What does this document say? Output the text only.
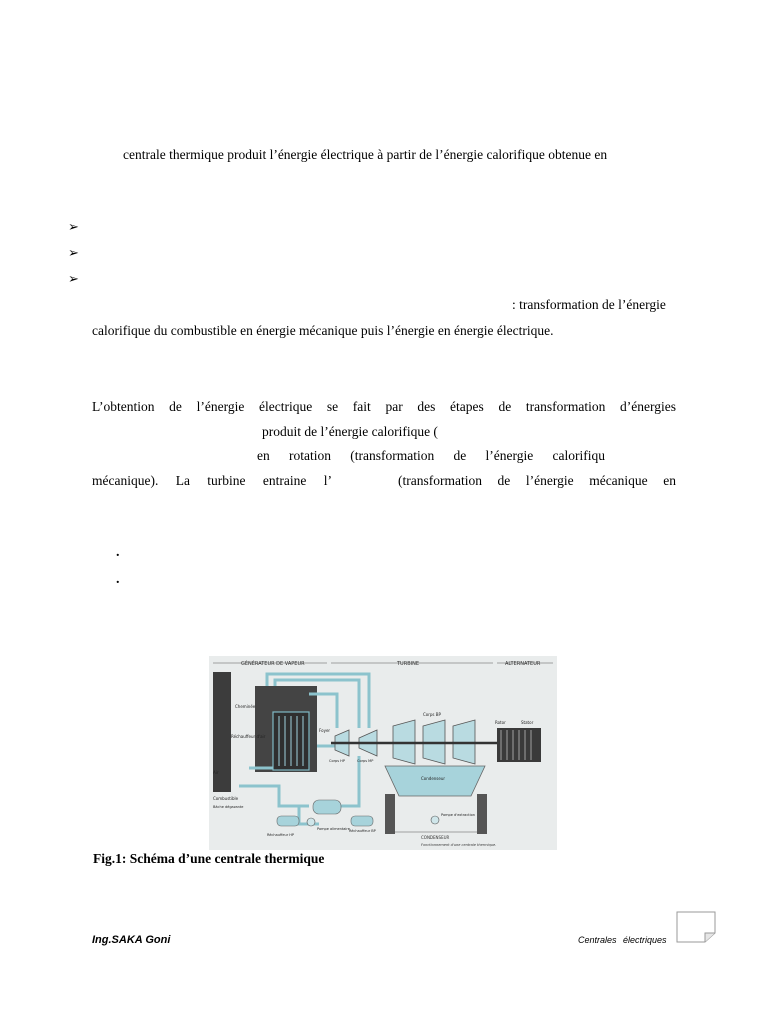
centrale thermique produit l’énergie électrique à partir de l’énergie calorifique obtenue en
➢
➢
➢
: transformation de l’énergie
calorifique du combustible en énergie mécanique puis l’énergie en énergie électrique.
L’obtention de l’énergie électrique se fait par des étapes de transformation d’énergies
produit de l’énergie calorifique (
en rotation (transformation de l’énergie calorifiqu
mécanique). La turbine entraine l’	(transformation de l’énergie mécanique en
.
.
GÉNÉRATEUR DE VAPEUR	TURBINE	ALTERNATEUR
Cheminée
Réchauffeur d'air
Foyer
Air
Combustible
Corps BP
Corps HP	Corps MP
Rotor	Stator
Condenseur
CONDENSEUR
Bâche dégazante
Pompe alimentaire
Pompe d'extraction
Réchauffeur HP
Réchauffeur BP
Fonctionnement d'une centrale thermique.
Fig.1: Schéma d’une centrale thermique
Ing.SAKA Goni	Centrales électriques
